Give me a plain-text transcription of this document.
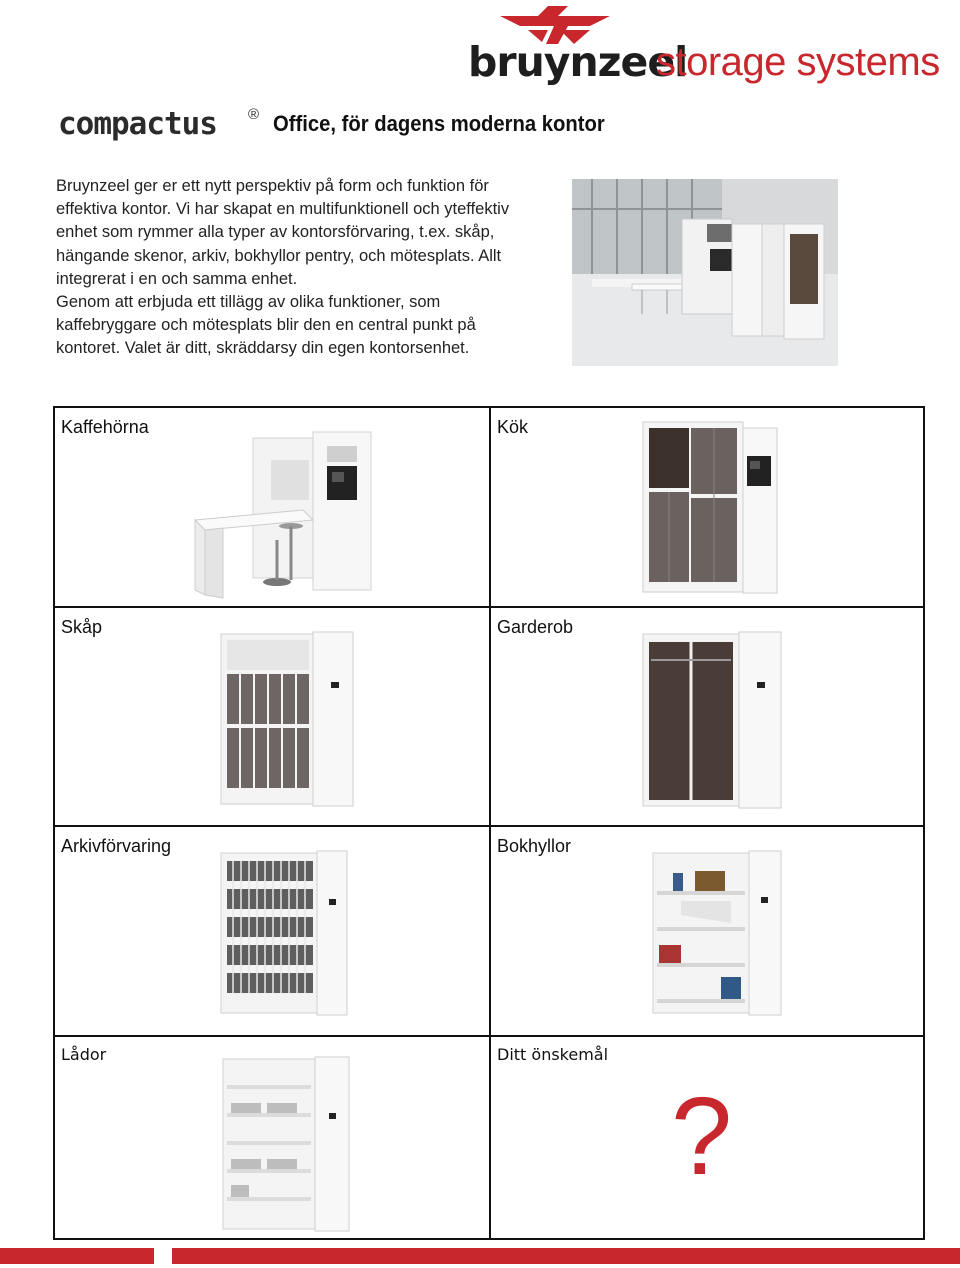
bruynzeel
storage systems
compactus ® Office, för dagens moderna kontor

Bruynzeel ger er ett nytt perspektiv på form och funktion för effektiva kontor. Vi har skapat en multifunktionell och yteffektiv enhet som rymmer alla typer av kontorsförvaring, t.ex. skåp, hängande skenor, arkiv, bokhyllor pentry, och mötesplats. Allt integrerat i en och samma enhet.

Genom att erbjuda ett tillägg av olika funktioner, som kaffebryggare och mötesplats blir den en central punkt på kontoret. Valet är ditt, skräddarsy din egen kontorsenhet.

Kaffehörna	Kök
Skåp	Garderob
Arkivförvaring	Bokhyllor
Lådor	Ditt önskemål
?
